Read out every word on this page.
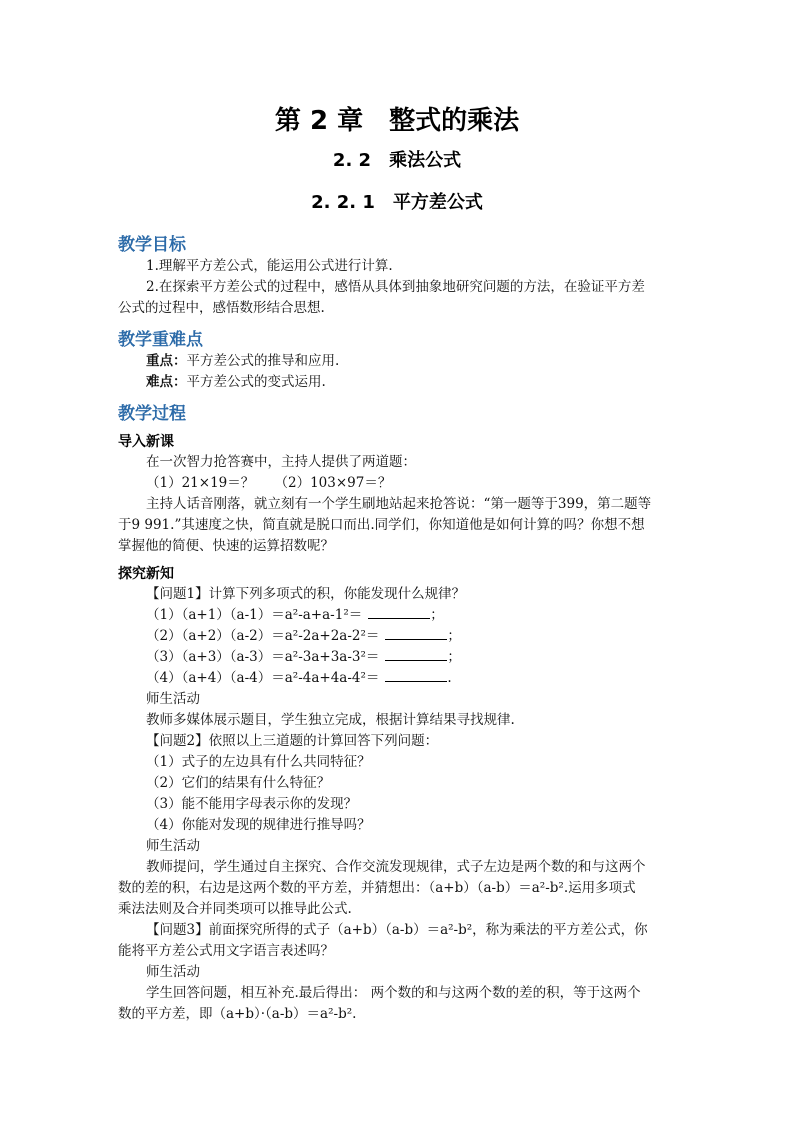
第 2 章　整式的乘法
2. 2　乘法公式
2. 2. 1　平方差公式
教学目标
1.理解平方差公式，能运用公式进行计算.
2.在探索平方差公式的过程中，感悟从具体到抽象地研究问题的方法，在验证平方差
公式的过程中，感悟数形结合思想.
教学重难点
重点：平方差公式的推导和应用.
难点：平方差公式的变式运用.
教学过程
导入新课
在一次智力抢答赛中，主持人提供了两道题：
（1）21×19＝？　　（2）103×97＝？
主持人话音刚落，就立刻有一个学生刷地站起来抢答说：“第一题等于399，第二题等
于9 991.”其速度之快，简直就是脱口而出.同学们，你知道他是如何计算的吗？你想不想
掌握他的简便、快速的运算招数呢？
探究新知
【问题1】计算下列多项式的积，你能发现什么规律？
（1）（a+1）（a-1）＝a²-a+a-1²＝	；
（2）（a+2）（a-2）＝a²-2a+2a-2²＝	；
（3）（a+3）（a-3）＝a²-3a+3a-3²＝	；
（4）（a+4）（a-4）＝a²-4a+4a-4²＝	.
师生活动
教师多媒体展示题目，学生独立完成，根据计算结果寻找规律.
【问题2】依照以上三道题的计算回答下列问题：
（1）式子的左边具有什么共同特征？
（2）它们的结果有什么特征？
（3）能不能用字母表示你的发现？
（4）你能对发现的规律进行推导吗？
师生活动
教师提问，学生通过自主探究、合作交流发现规律，式子左边是两个数的和与这两个
数的差的积，右边是这两个数的平方差，并猜想出：（a+b）（a-b）＝a²-b².运用多项式
乘法法则及合并同类项可以推导此公式.
【问题3】前面探究所得的式子（a+b）（a-b）＝a²-b²，称为乘法的平方差公式，你
能将平方差公式用文字语言表述吗？
师生活动
学生回答问题，相互补充.最后得出： 两个数的和与这两个数的差的积，等于这两个
数的平方差，即（a+b）·（a-b）＝a²-b².
